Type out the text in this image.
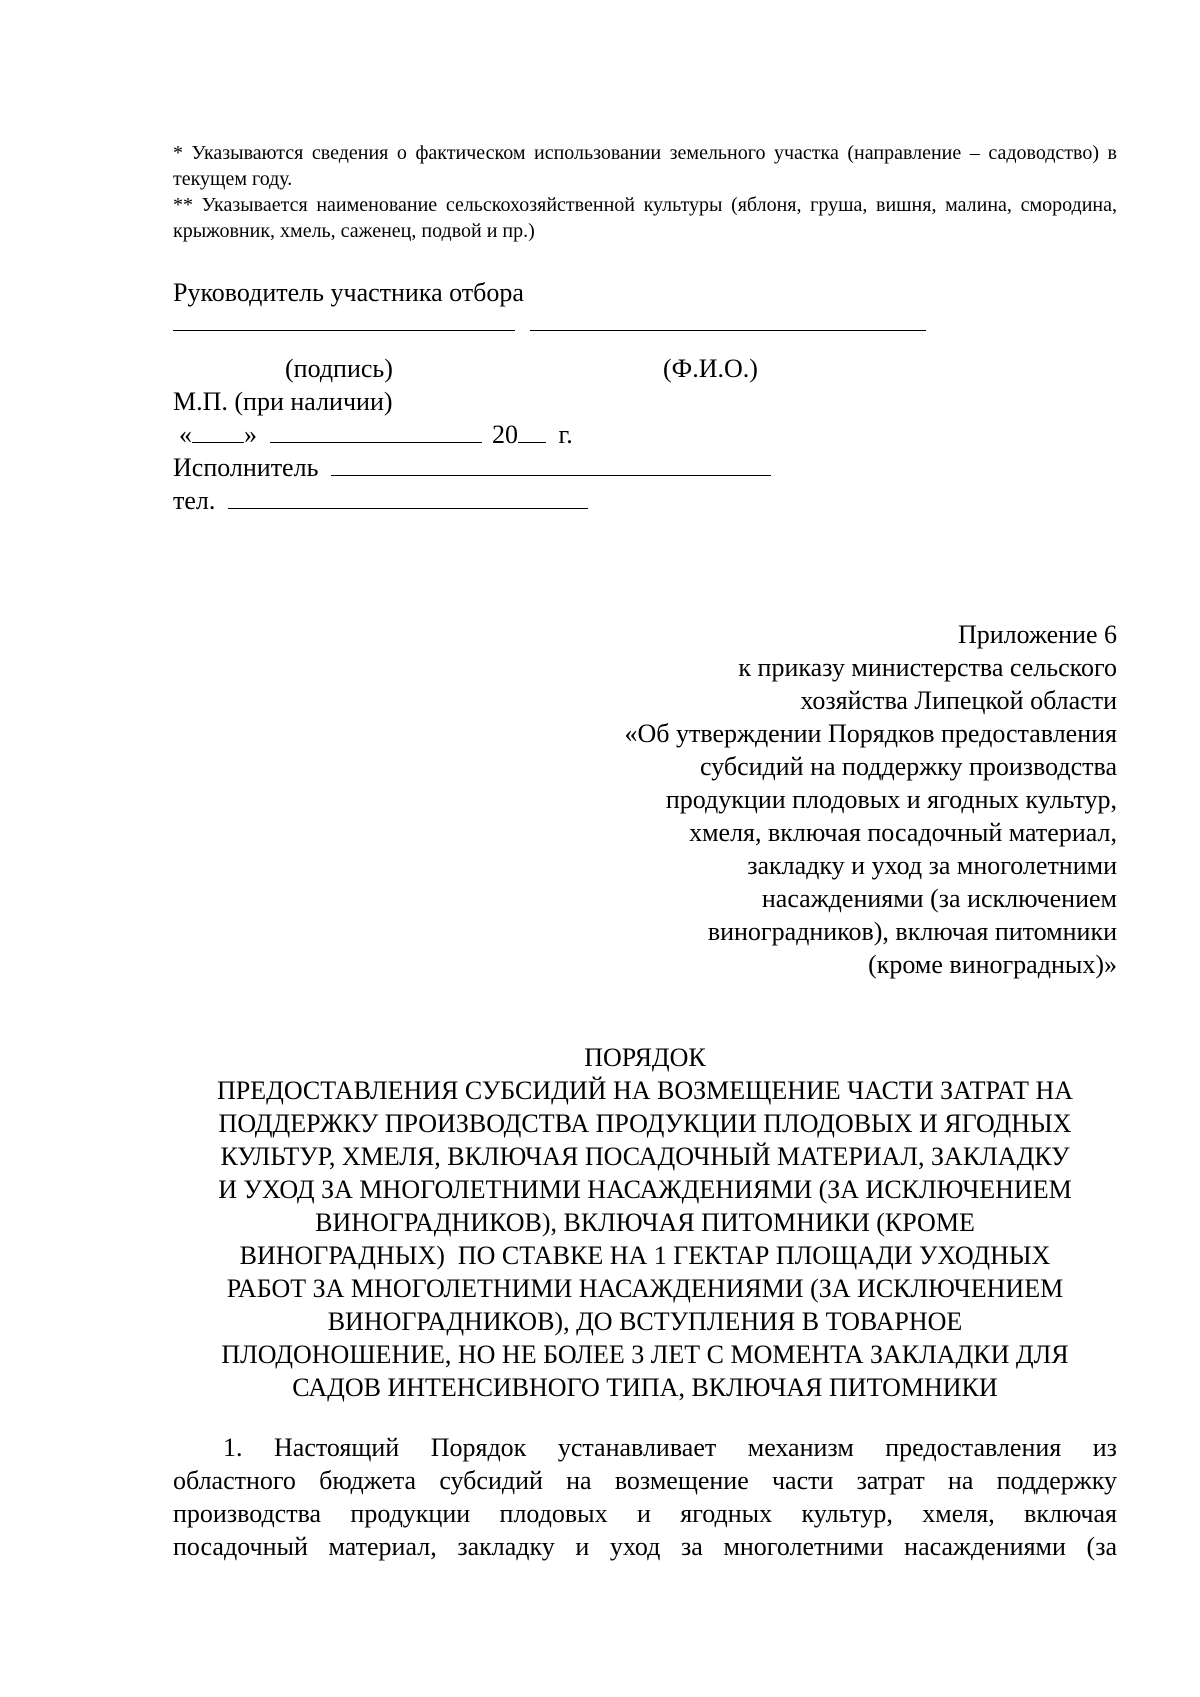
* Указываются сведения о фактическом использовании земельного участка (направление – садоводство) в текущем году.

** Указывается наименование сельскохозяйственной культуры (яблоня, груша, вишня, малина, смородина, крыжовник, хмель, саженец, подвой и пр.)

Руководитель участника отбора

(подпись)	(Ф.И.О.)
М.П. (при наличии)
« »	20 г.
Исполнитель
тел.
Приложение 6
к приказу министерства сельского
хозяйства Липецкой области
«Об утверждении Порядков предоставления
субсидий на поддержку производства
продукции плодовых и ягодных культур,
хмеля, включая посадочный материал,
закладку и уход за многолетними
насаждениями (за исключением
виноградников), включая питомники
(кроме виноградных)»
ПОРЯДОК
ПРЕДОСТАВЛЕНИЯ СУБСИДИЙ НА ВОЗМЕЩЕНИЕ ЧАСТИ ЗАТРАТ НА
ПОДДЕРЖКУ ПРОИЗВОДСТВА ПРОДУКЦИИ ПЛОДОВЫХ И ЯГОДНЫХ
КУЛЬТУР, ХМЕЛЯ, ВКЛЮЧАЯ ПОСАДОЧНЫЙ МАТЕРИАЛ, ЗАКЛАДКУ
И УХОД ЗА МНОГОЛЕТНИМИ НАСАЖДЕНИЯМИ (ЗА ИСКЛЮЧЕНИЕМ
ВИНОГРАДНИКОВ), ВКЛЮЧАЯ ПИТОМНИКИ (КРОМЕ
ВИНОГРАДНЫХ)  ПО СТАВКЕ НА 1 ГЕКТАР ПЛОЩАДИ УХОДНЫХ
РАБОТ ЗА МНОГОЛЕТНИМИ НАСАЖДЕНИЯМИ (ЗА ИСКЛЮЧЕНИЕМ
ВИНОГРАДНИКОВ), ДО ВСТУПЛЕНИЯ В ТОВАРНОЕ
ПЛОДОНОШЕНИЕ, НО НЕ БОЛЕЕ 3 ЛЕТ С МОМЕНТА ЗАКЛАДКИ ДЛЯ
САДОВ ИНТЕНСИВНОГО ТИПА, ВКЛЮЧАЯ ПИТОМНИКИ
1. Настоящий Порядок устанавливает механизм предоставления из
областного бюджета субсидий на возмещение части затрат на поддержку
производства продукции плодовых и ягодных культур, хмеля, включая
посадочный материал, закладку и уход за многолетними насаждениями (за
